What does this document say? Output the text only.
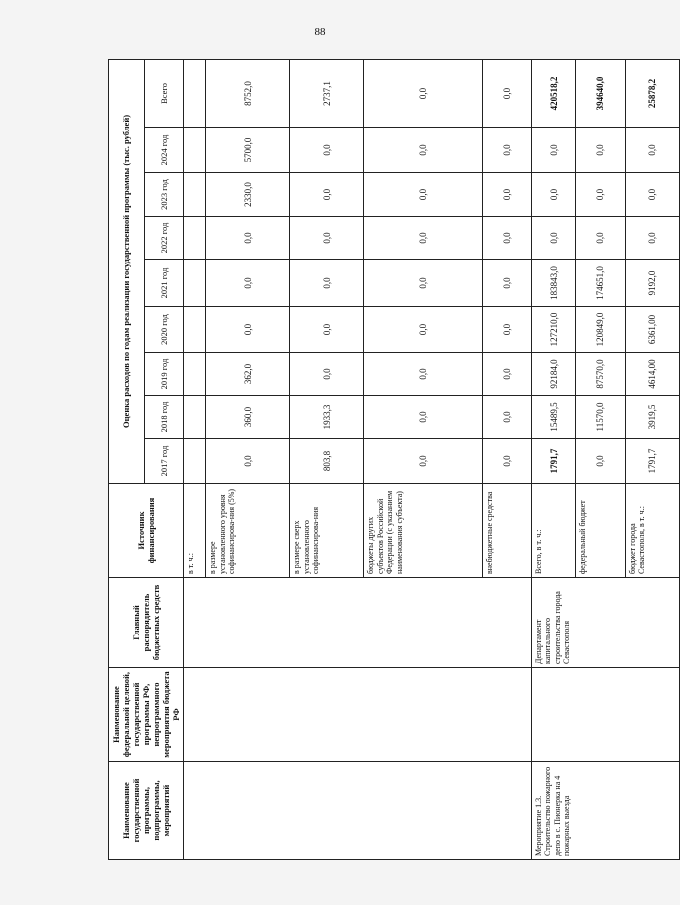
88
Наименование государственной программы, подпрограммы, мероприятий	Наименование федеральной целевой, государственной программы РФ, непрограммного мероприятия бюджета РФ	Главный распорядитель бюджетных средств	Источник финансирования	Оценка расходов по годам реализации государственной программы (тыс. рублей)								
				2017 год	2018 год	2019 год	2020 год	2021 год	2022 год	2023 год	2024 год	Всего
			в т. ч.:									
			в размере установленного уровня софинансирова-ния (5%)	0,0	360,0	362,0	0,0	0,0	0,0	2330,0	5700,0	8752,0
			в размере сверх установленного софинансирова-ния	803,8	1933,3	0,0	0,0	0,0	0,0	0,0	0,0	2737,1
			бюджеты других субъектов Российской Федерации (с указанием наименования субъекта)	0,0	0,0	0,0	0,0	0,0	0,0	0,0	0,0	0,0
			внебюджетные средства	0,0	0,0	0,0	0,0	0,0	0,0	0,0	0,0	0,0
Мероприятие 1.3. Строительство пожарного депо в с. Пионерка на 4 пожарных выезда		Департамент капитального строительства города Севастополя	Всего, в т. ч.:	1791,7	15489,5	92184,0	127210,0	183843,0	0,0	0,0	0,0	420518,2
			федеральный бюджет	0,0	11570,0	87570,0	120849,0	174651,0	0,0	0,0	0,0	394640,0
			бюджет города Севастополя, в т. ч.:	1791,7	3919,5	4614,00	6361,00	9192,0	0,0	0,0	0,0	25878,2
